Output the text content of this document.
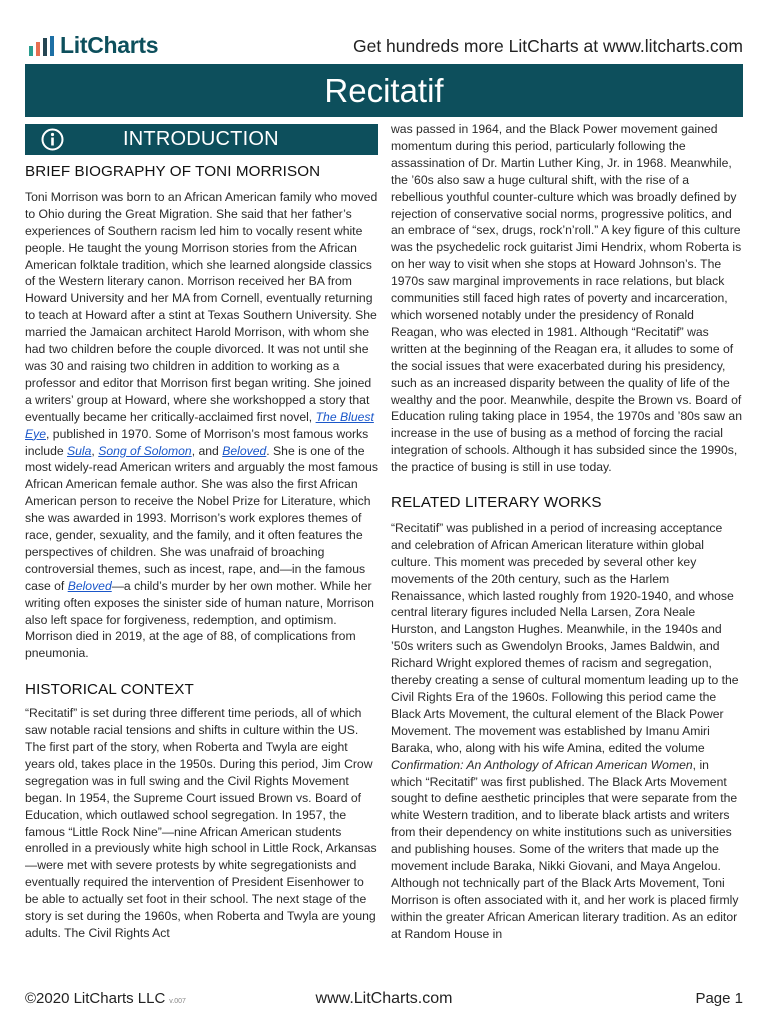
LitCharts	Get hundreds more LitCharts at www.litcharts.com
Recitatif
INTRODUCTION
BRIEF BIOGRAPHY OF TONI MORRISON

Toni Morrison was born to an African American family who moved to Ohio during the Great Migration. She said that her father’s experiences of Southern racism led him to vocally resent white people. He taught the young Morrison stories from the African American folktale tradition, which she learned alongside classics of the Western literary canon. Morrison received her BA from Howard University and her MA from Cornell, eventually returning to teach at Howard after a stint at Texas Southern University. She married the Jamaican architect Harold Morrison, with whom she had two children before the couple divorced. It was not until she was 30 and raising two children in addition to working as a professor and editor that Morrison first began writing. She joined a writers’ group at Howard, where she workshopped a story that eventually became her critically-acclaimed first novel, The Bluest Eye, published in 1970. Some of Morrison’s most famous works include Sula, Song of Solomon, and Beloved. She is one of the most widely-read American writers and arguably the most famous African American female author. She was also the first African American person to receive the Nobel Prize for Literature, which she was awarded in 1993. Morrison’s work explores themes of race, gender, sexuality, and the family, and it often features the perspectives of children. She was unafraid of broaching controversial themes, such as incest, rape, and—in the famous case of Beloved—a child’s murder by her own mother. While her writing often exposes the sinister side of human nature, Morrison also left space for forgiveness, redemption, and optimism. Morrison died in 2019, at the age of 88, of complications from pneumonia.

HISTORICAL CONTEXT

“Recitatif” is set during three different time periods, all of which saw notable racial tensions and shifts in culture within the US. The first part of the story, when Roberta and Twyla are eight years old, takes place in the 1950s. During this period, Jim Crow segregation was in full swing and the Civil Rights Movement began. In 1954, the Supreme Court issued Brown vs. Board of Education, which outlawed school segregation. In 1957, the famous “Little Rock Nine”—nine African American students enrolled in a previously white high school in Little Rock, Arkansas—were met with severe protests by white segregationists and eventually required the intervention of President Eisenhower to be able to actually set foot in their school. The next stage of the story is set during the 1960s, when Roberta and Twyla are young adults. The Civil Rights Act

was passed in 1964, and the Black Power movement gained momentum during this period, particularly following the assassination of Dr. Martin Luther King, Jr. in 1968. Meanwhile, the ’60s also saw a huge cultural shift, with the rise of a rebellious youthful counter-culture which was broadly defined by rejection of conservative social norms, progressive politics, and an embrace of “sex, drugs, rock’n’roll.” A key figure of this culture was the psychedelic rock guitarist Jimi Hendrix, whom Roberta is on her way to visit when she stops at Howard Johnson’s. The 1970s saw marginal improvements in race relations, but black communities still faced high rates of poverty and incarceration, which worsened notably under the presidency of Ronald Reagan, who was elected in 1981. Although “Recitatif” was written at the beginning of the Reagan era, it alludes to some of the social issues that were exacerbated during his presidency, such as an increased disparity between the quality of life of the wealthy and the poor. Meanwhile, despite the Brown vs. Board of Education ruling taking place in 1954, the 1970s and ’80s saw an increase in the use of busing as a method of forcing the racial integration of schools. Although it has subsided since the 1990s, the practice of busing is still in use today.

RELATED LITERARY WORKS

“Recitatif” was published in a period of increasing acceptance and celebration of African American literature within global culture. This moment was preceded by several other key movements of the 20th century, such as the Harlem Renaissance, which lasted roughly from 1920-1940, and whose central literary figures included Nella Larsen, Zora Neale Hurston, and Langston Hughes. Meanwhile, in the 1940s and ’50s writers such as Gwendolyn Brooks, James Baldwin, and Richard Wright explored themes of racism and segregation, thereby creating a sense of cultural momentum leading up to the Civil Rights Era of the 1960s. Following this period came the Black Arts Movement, the cultural element of the Black Power Movement. The movement was established by Imanu Amiri Baraka, who, along with his wife Amina, edited the volume Confirmation: An Anthology of African American Women, in which “Recitatif” was first published. The Black Arts Movement sought to define aesthetic principles that were separate from the white Western tradition, and to liberate black artists and writers from their dependency on white institutions such as universities and publishing houses. Some of the writers that made up the movement include Baraka, Nikki Giovani, and Maya Angelou. Although not technically part of the Black Arts Movement, Toni Morrison is often associated with it, and her work is placed firmly within the greater African American literary tradition. As an editor at Random House in

©2020 LitCharts LLC v.007	www.LitCharts.com	Page 1
